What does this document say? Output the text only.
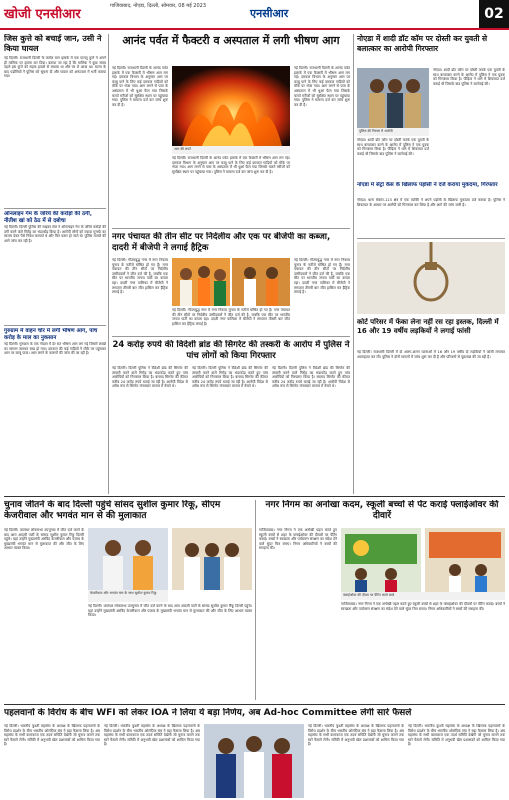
खोजी एनसीआर
गाजियाबाद, नोएडा, दिल्ली, सोमवार, 08 मई 2023
एनसीआर	02
जिस कुत्ते को बचाई जान, उसी ने किया घायल
नई दिल्ली। राजधानी दिल्ली के करोल बाग इलाके में एक पालतू कुत्ते ने अपने ही मालिक पर हमला कर दिया। बताया जा रहा है कि मालिक ने कुछ समय पहले इस कुत्ते को सड़क हादसे से बचाया था और घर ले आया था। घटना के बाद पड़ोसियों ने पुलिस को सूचना दी और घायल को अस्पताल में भर्ती कराया गया।
ऑनलाइन गेम के जरिये की करोड़ों की ठगी, नीतीश खां को ठेठ में से दबोचा
नई दिल्ली। दिल्ली पुलिस की साइबर सेल ने ऑनलाइन गेम के जरिये करोड़ों की ठगी करने वाले गिरोह का भंडाफोड़ किया है। आरोपी लोगों को ज्यादा मुनाफे का लालच देकर पैसे निवेश करवाते थे और फिर फरार हो जाते थे। पुलिस मामले की आगे जांच कर रही है।
गुरुग्राम में वाहन चोर में लगी भीषण आग, पांच करोड़ के माल का नुकसान
नई दिल्ली। गुरुग्राम के एक गोदाम में देर रात भीषण आग लग गई जिसमें लाखों का सामान जलकर राख हो गया। दमकल की कई गाड़ियों ने मौके पर पहुंचकर आग पर काबू पाया। आग लगने के कारणों की जांच की जा रही है।
आनंद पर्वत में फैक्टरी व अस्पताल में लगी भीषण आग
नई दिल्ली। राजधानी दिल्ली के आनंद पर्वत इलाके में एक फैक्टरी में भीषण आग लग गई। दमकल विभाग के अनुसार आग पर काबू पाने के लिए कई दमकल गाड़ियों को मौके पर भेजा गया। आग लगने से पास के अस्पताल में भी धुआं फैल गया जिसके चलते मरीजों को सुरक्षित स्थान पर पहुंचाया गया। पुलिस ने मामला दर्ज कर जांच शुरू कर दी है।
आग की लपटें
नई दिल्ली। राजधानी दिल्ली के आनंद पर्वत इलाके में एक फैक्टरी में भीषण आग लग गई। दमकल विभाग के अनुसार आग पर काबू पाने के लिए कई दमकल गाड़ियों को मौके पर भेजा गया। आग लगने से पास के अस्पताल में भी धुआं फैल गया जिसके चलते मरीजों को सुरक्षित स्थान पर पहुंचाया गया। पुलिस ने मामला दर्ज कर जांच शुरू कर दी है।
नई दिल्ली। राजधानी दिल्ली के आनंद पर्वत इलाके में एक फैक्टरी में भीषण आग लग गई। दमकल विभाग के अनुसार आग पर काबू पाने के लिए कई दमकल गाड़ियों को मौके पर भेजा गया। आग लगने से पास के अस्पताल में भी धुआं फैल गया जिसके चलते मरीजों को सुरक्षित स्थान पर पहुंचाया गया। पुलिस ने मामला दर्ज कर जांच शुरू कर दी है।
नगर पंचायत की तीन सीट पर निर्दलीय और एक पर बीजेपी का कब्जा, दादरी में बीजेपी ने लगाई हैट्रिक
नई दिल्ली। गौतमबुद्ध नगर में नगर निकाय चुनाव के नतीजे घोषित हो गए हैं। नगर पंचायत की तीन सीटों पर निर्दलीय उम्मीदवारों ने जीत दर्ज की है, जबकि एक सीट पर भारतीय जनता पार्टी का कब्जा रहा। दादरी नगर पालिका में बीजेपी ने लगातार तीसरी बार जीत हासिल कर हैट्रिक लगाई है।
नई दिल्ली। गौतमबुद्ध नगर में नगर निकाय चुनाव के नतीजे घोषित हो गए हैं। नगर पंचायत की तीन सीटों पर निर्दलीय उम्मीदवारों ने जीत दर्ज की है, जबकि एक सीट पर भारतीय जनता पार्टी का कब्जा रहा। दादरी नगर पालिका में बीजेपी ने लगातार तीसरी बार जीत हासिल कर हैट्रिक लगाई है।
नई दिल्ली। गौतमबुद्ध नगर में नगर निकाय चुनाव के नतीजे घोषित हो गए हैं। नगर पंचायत की तीन सीटों पर निर्दलीय उम्मीदवारों ने जीत दर्ज की है, जबकि एक सीट पर भारतीय जनता पार्टी का कब्जा रहा। दादरी नगर पालिका में बीजेपी ने लगातार तीसरी बार जीत हासिल कर हैट्रिक लगाई है।
24 करोड़ रुपये की विदेशी ब्रांड की सिगरेट की तस्करी के आरोप में पुलिस ने पांच लोगों को किया गिरफ्तार
नई दिल्ली। दिल्ली पुलिस ने विदेशी ब्रांड की सिगरेट की तस्करी करने वाले गिरोह का भंडाफोड़ करते हुए पांच आरोपियों को गिरफ्तार किया है। बरामद सिगरेट की कीमत करीब 24 करोड़ रुपये बताई जा रही है। आरोपी विदेश से अवैध रूप से सिगरेट मंगवाकर बाजार में बेचते थे।
नई दिल्ली। दिल्ली पुलिस ने विदेशी ब्रांड की सिगरेट की तस्करी करने वाले गिरोह का भंडाफोड़ करते हुए पांच आरोपियों को गिरफ्तार किया है। बरामद सिगरेट की कीमत करीब 24 करोड़ रुपये बताई जा रही है। आरोपी विदेश से अवैध रूप से सिगरेट मंगवाकर बाजार में बेचते थे।
नई दिल्ली। दिल्ली पुलिस ने विदेशी ब्रांड की सिगरेट की तस्करी करने वाले गिरोह का भंडाफोड़ करते हुए पांच आरोपियों को गिरफ्तार किया है। बरामद सिगरेट की कीमत करीब 24 करोड़ रुपये बताई जा रही है। आरोपी विदेश से अवैध रूप से सिगरेट मंगवाकर बाजार में बेचते थे।
नोएडा में शादी डॉट कॉम पर दोस्ती कर युवती से बलात्कार का आरोपी गिरफ्तार
पुलिस की गिरफ्त में आरोपी
नोएडा। शादी डॉट कॉम पर दोस्ती करके एक युवती के साथ बलात्कार करने के आरोप में पुलिस ने एक युवक को गिरफ्तार किया है। पीड़िता ने थाने में शिकायत दर्ज कराई थी जिसके बाद पुलिस ने कार्रवाई की।
नोएडा। शादी डॉट कॉम पर दोस्ती करके एक युवती के साथ बलात्कार करने के आरोप में पुलिस ने एक युवक को गिरफ्तार किया है। पीड़िता ने थाने में शिकायत दर्ज कराई थी जिसके बाद पुलिस ने कार्रवाई की।
नोएडा में सेंट्रो केस के खिलाफ पड़ोसी ने दर्ज कराया मुकदमा, गिरफ्तार
नोएडा। थाना सेक्टर-113 क्षेत्र में एक व्यक्ति ने अपने पड़ोसी के खिलाफ मुकदमा दर्ज कराया है। पुलिस ने शिकायत के आधार पर आरोपी को गिरफ्तार कर लिया है और आगे की जांच जारी है।
कोर्ट परिसर में फेंका लेना नहीं रस रहा इस्तक, दिल्ली में 16 और 19 वर्षीय लड़कियों ने लगाई फांसी
नई दिल्ली। राजधानी दिल्ली में दो अलग-अलग घटनाओं में 16 और 19 वर्षीय दो लड़कियों ने फांसी लगाकर आत्महत्या कर ली। पुलिस ने दोनों मामलों में जांच शुरू कर दी है और परिजनों से पूछताछ की जा रही है।
चुनाव जीतने के बाद दिल्ली पहुंचे सांसद सुशील कुमार रिंकू, सीएम केजरीवाल और भगवंत मान से की मुलाकात
नई दिल्ली। जालंधर लोकसभा उपचुनाव में जीत दर्ज करने के बाद आम आदमी पार्टी के सांसद सुशील कुमार रिंकू दिल्ली पहुंचे। यहां उन्होंने मुख्यमंत्री अरविंद केजरीवाल और पंजाब के मुख्यमंत्री भगवंत मान से मुलाकात की और जीत के लिए आभार व्यक्त किया।
केजरीवाल और भगवंत मान के साथ सुशील कुमार रिंकू
नई दिल्ली। जालंधर लोकसभा उपचुनाव में जीत दर्ज करने के बाद आम आदमी पार्टी के सांसद सुशील कुमार रिंकू दिल्ली पहुंचे। यहां उन्होंने मुख्यमंत्री अरविंद केजरीवाल और पंजाब के मुख्यमंत्री भगवंत मान से मुलाकात की और जीत के लिए आभार व्यक्त किया।
नगर निगम का अनोखा कदम, स्कूली बच्चों से पेंट कराई फ्लाईओवर की दीवारें
गाजियाबाद। नगर निगम ने एक अनोखी पहल करते हुए स्कूली बच्चों से शहर के फ्लाईओवर की दीवारों पर पेंटिंग कराई। बच्चों ने स्वच्छता और पर्यावरण संरक्षण का संदेश देने वाले सुंदर चित्र बनाए। निगम अधिकारियों ने बच्चों की सराहना की।
फ्लाईओवर की दीवार पर पेंटिंग करते बच्चे
गाजियाबाद। नगर निगम ने एक अनोखी पहल करते हुए स्कूली बच्चों से शहर के फ्लाईओवर की दीवारों पर पेंटिंग कराई। बच्चों ने स्वच्छता और पर्यावरण संरक्षण का संदेश देने वाले सुंदर चित्र बनाए। निगम अधिकारियों ने बच्चों की सराहना की।
पहलवानों के विरोध के बीच WFI को लेकर IOA ने लिया ये बड़ा निर्णय, अब Ad-hoc Committee लेगी सारे फैसले
नई दिल्ली। भारतीय कुश्ती महासंघ के अध्यक्ष के खिलाफ पहलवानों के विरोध प्रदर्शन के बीच भारतीय ओलंपिक संघ ने बड़ा फैसला लिया है। अब महासंघ के सभी कामकाज एक तदर्थ समिति देखेगी जो चुनाव कराने तक सारे फैसले लेगी। समिति में अनुभवी खेल प्रशासकों को शामिल किया गया है।
नई दिल्ली। भारतीय कुश्ती महासंघ के अध्यक्ष के खिलाफ पहलवानों के विरोध प्रदर्शन के बीच भारतीय ओलंपिक संघ ने बड़ा फैसला लिया है। अब महासंघ के सभी कामकाज एक तदर्थ समिति देखेगी जो चुनाव कराने तक सारे फैसले लेगी। समिति में अनुभवी खेल प्रशासकों को शामिल किया गया है।
नई दिल्ली। भारतीय कुश्ती महासंघ के अध्यक्ष के खिलाफ पहलवानों के विरोध प्रदर्शन के बीच भारतीय ओलंपिक संघ ने बड़ा फैसला लिया है। अब महासंघ के सभी कामकाज एक तदर्थ समिति देखेगी जो चुनाव कराने तक सारे फैसले लेगी। समिति में अनुभवी खेल प्रशासकों को शामिल किया गया है।
नई दिल्ली। भारतीय कुश्ती महासंघ के अध्यक्ष के खिलाफ पहलवानों के विरोध प्रदर्शन के बीच भारतीय ओलंपिक संघ ने बड़ा फैसला लिया है। अब महासंघ के सभी कामकाज एक तदर्थ समिति देखेगी जो चुनाव कराने तक सारे फैसले लेगी। समिति में अनुभवी खेल प्रशासकों को शामिल किया गया है।
